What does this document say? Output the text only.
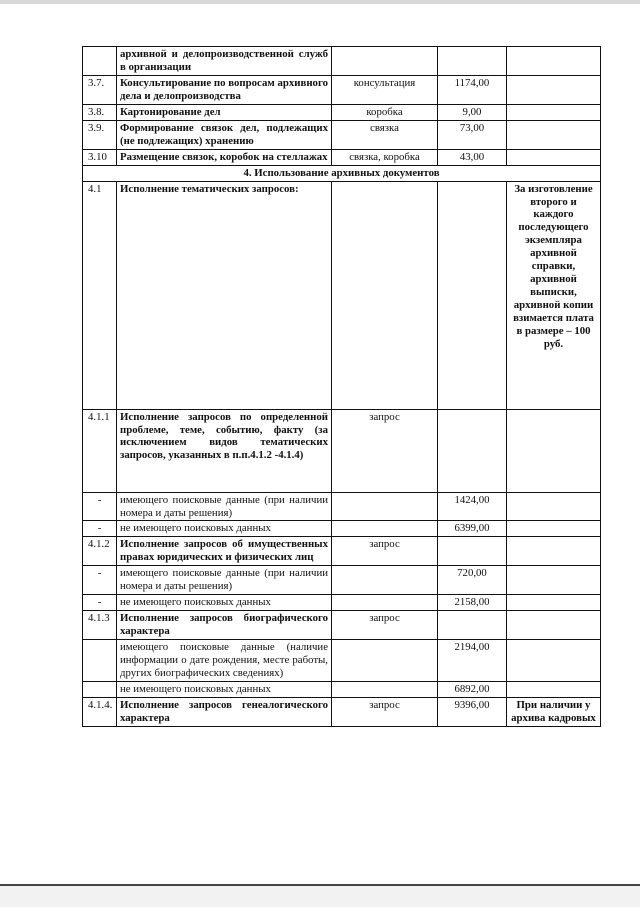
	архивной и делопроизводственной служб в организации			
3.7.	Консультирование по вопросам архивного дела и делопроизводства	консультация	1174,00	
3.8.	Картонирование дел	коробка	9,00	
3.9.	Формирование связок дел, подлежащих (не подлежащих) хранению	связка	73,00	
3.10	Размещение связок, коробок на стеллажах	связка, коробка	43,00	
4. Использование архивных документов				
4.1	Исполнение тематических запросов:			За изготовление второго и каждого последующего экземпляра архивной справки, архивной выписки, архивной копии взимается плата в размере – 100 руб.
4.1.1	Исполнение запросов по определенной проблеме, теме, событию, факту (за исключением видов тематических запросов, указанных в п.п.4.1.2 -4.1.4)	запрос		
-	имеющего поисковые данные (при наличии номера и даты решения)		1424,00	
-	не имеющего поисковых данных		6399,00	
4.1.2	Исполнение запросов об имущественных правах юридических и физических лиц	запрос		
-	имеющего поисковые данные (при наличии номера и даты решения)		720,00	
-	не имеющего поисковых данных		2158,00	
4.1.3	Исполнение запросов биографического характера	запрос		
	имеющего поисковые данные (наличие информации о дате рождения, месте работы, других биографических сведениях)		2194,00	
	не имеющего поисковых данных		6892,00	
4.1.4.	Исполнение запросов генеалогического характера	запрос	9396,00	При наличии у архива кадровых
